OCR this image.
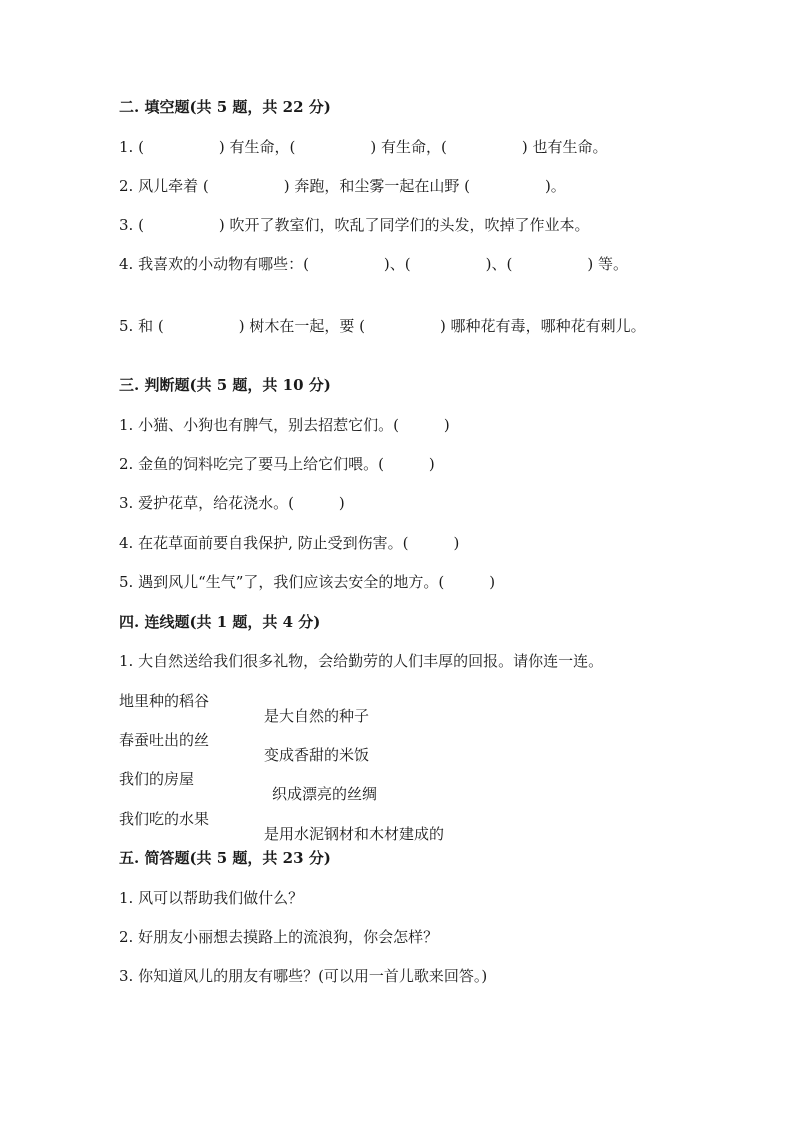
二. 填空题(共 5 题，共 22 分)

1. (　　　　　) 有生命，(　　　　　) 有生命，(　　　　　) 也有生命。

2. 风儿牵着 (　　　　　) 奔跑，和尘雾一起在山野 (　　　　　)。

3. (　　　　　) 吹开了教室们，吹乱了同学们的头发，吹掉了作业本。

4. 我喜欢的小动物有哪些：(　　　　　)、(　　　　　)、(　　　　　) 等。

5. 和 (　　　　　) 树木在一起，要 (　　　　　) 哪种花有毒，哪种花有刺儿。

三. 判断题(共 5 题，共 10 分)

1. 小猫、小狗也有脾气，别去招惹它们。(　　　)

2. 金鱼的饲料吃完了要马上给它们喂。(　　　)

3. 爱护花草，给花浇水。(　　　)

4. 在花草面前要自我保护, 防止受到伤害。(　　　)

5. 遇到风儿“生气”了，我们应该去安全的地方。(　　　)

四. 连线题(共 1 题，共 4 分)

1. 大自然送给我们很多礼物，会给勤劳的人们丰厚的回报。请你连一连。

地里种的稻谷

是大自然的种子

春蚕吐出的丝

变成香甜的米饭

我们的房屋

织成漂亮的丝绸

我们吃的水果

是用水泥钢材和木材建成的

五. 简答题(共 5 题，共 23 分)

1. 风可以帮助我们做什么？

2. 好朋友小丽想去摸路上的流浪狗，你会怎样？

3. 你知道风儿的朋友有哪些？(可以用一首儿歌来回答。)
